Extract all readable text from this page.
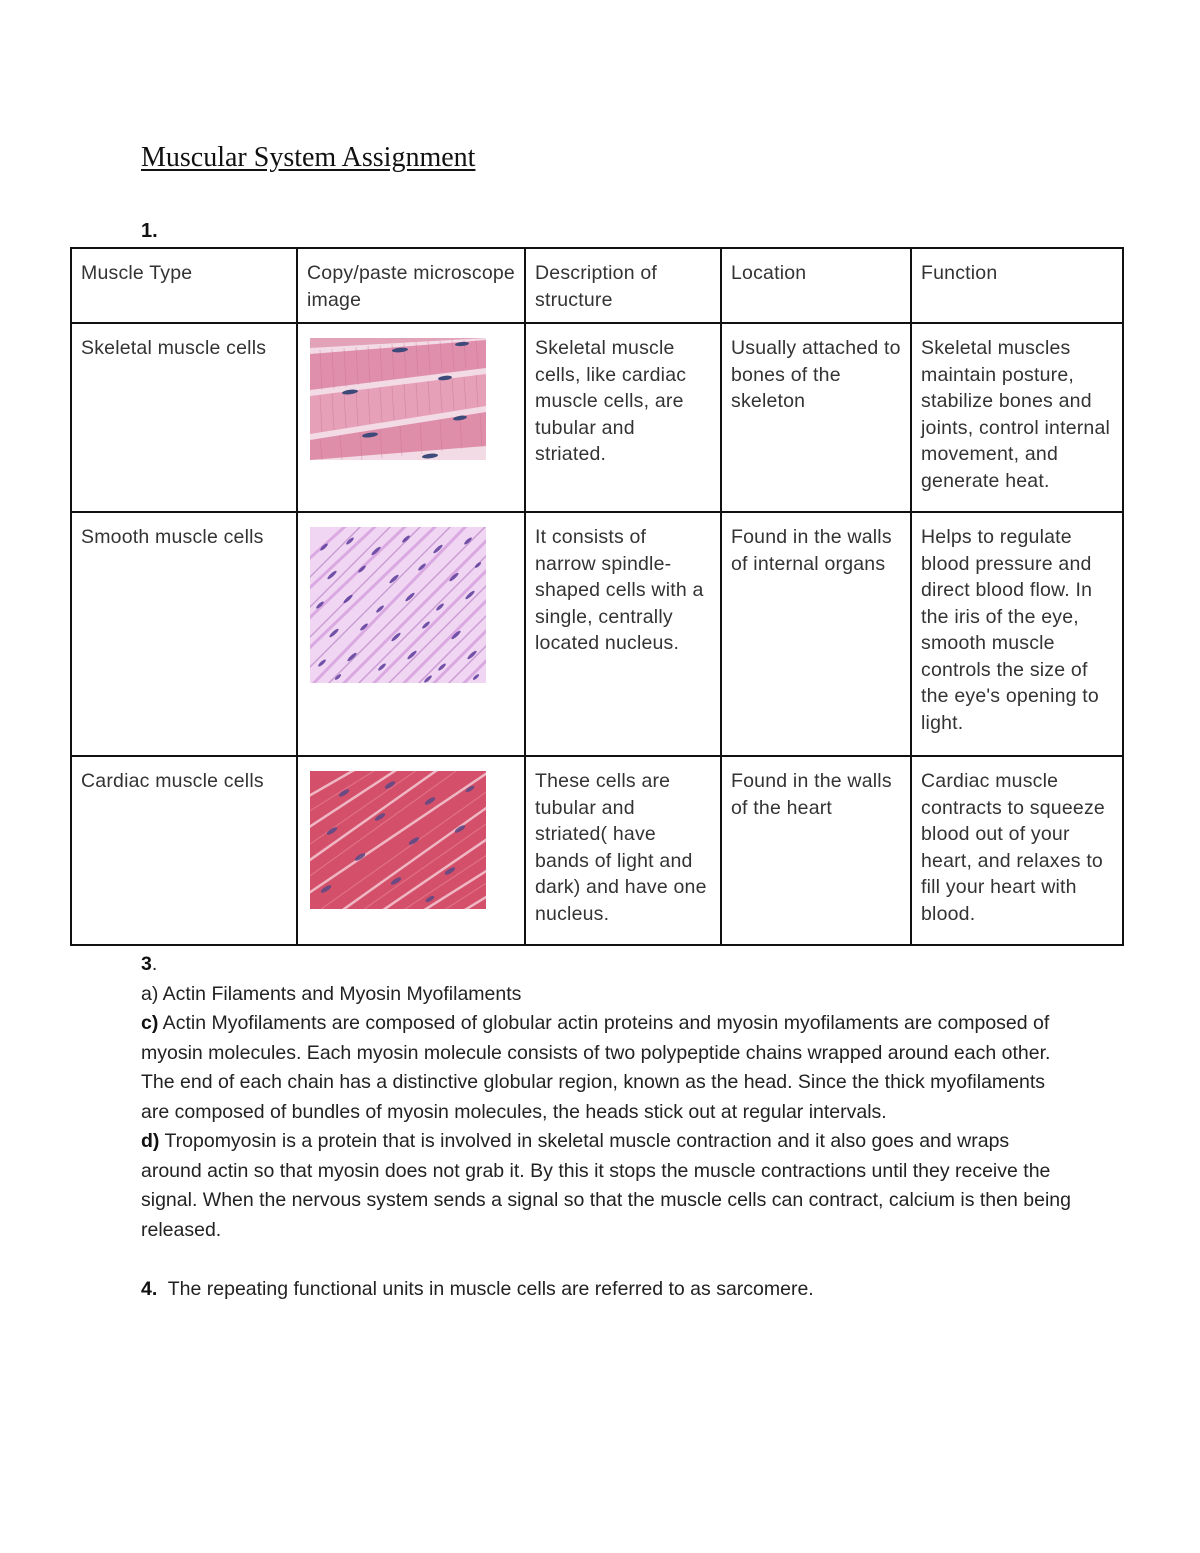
Muscular System Assignment
1.
Muscle Type	Copy/paste microscope image	Description of structure	Location	Function
Skeletal muscle cells		Skeletal muscle cells, like cardiac muscle cells, are tubular and striated.	Usually attached to bones of the skeleton	Skeletal muscles maintain posture, stabilize bones and joints, control internal movement, and generate heat.
Smooth muscle cells		It consists of narrow spindle-shaped cells with a single, centrally located nucleus.	Found in the walls of internal organs	Helps to regulate blood pressure and direct blood flow. In the iris of the eye, smooth muscle controls the size of the eye's opening to light.
Cardiac muscle cells		These cells are tubular and striated( have bands of light and dark) and have one nucleus.	Found in the walls of the heart	Cardiac muscle contracts to squeeze blood out of your heart, and relaxes to fill your heart with blood.

3.

a) Actin Filaments and Myosin Myofilaments

c) Actin Myofilaments are composed of globular actin proteins and myosin myofilaments are composed of myosin molecules. Each myosin molecule consists of two polypeptide chains wrapped around each other. The end of each chain has a distinctive globular region, known as the head. Since the thick myofilaments are composed of bundles of myosin molecules, the heads stick out at regular intervals.

d) Tropomyosin is a protein that is involved in skeletal muscle contraction and it also goes and wraps around actin so that myosin does not grab it. By this it stops the muscle contractions until they receive the signal. When the nervous system sends a signal so that the muscle cells can contract, calcium is then being released.

4.  The repeating functional units in muscle cells are referred to as sarcomere.
